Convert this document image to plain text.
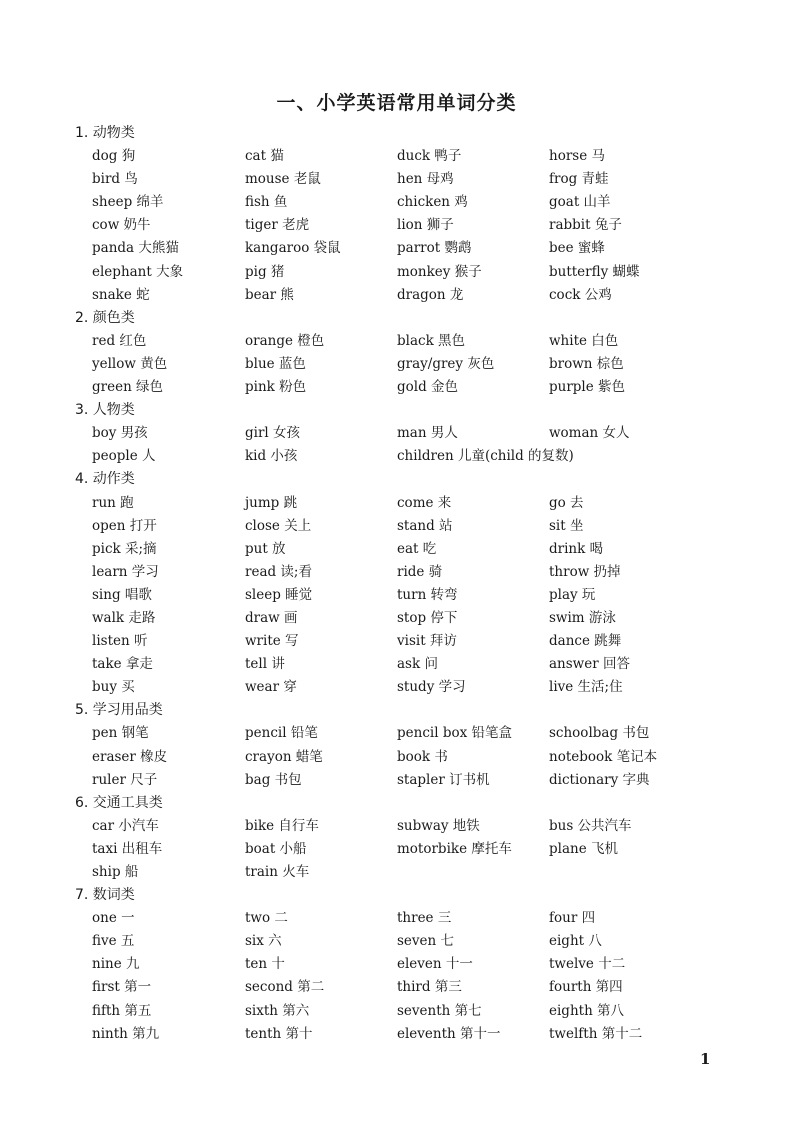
一、小学英语常用单词分类
1. 动物类
dog 狗	cat 猫	duck 鸭子	horse 马
bird 鸟	mouse 老鼠	hen 母鸡	frog 青蛙
sheep 绵羊	fish 鱼	chicken 鸡	goat 山羊
cow 奶牛	tiger 老虎	lion 狮子	rabbit 兔子
panda 大熊猫	kangaroo 袋鼠	parrot 鹦鹉	bee 蜜蜂
elephant 大象	pig 猪	monkey 猴子	butterfly 蝴蝶
snake 蛇	bear 熊	dragon 龙	cock 公鸡
2. 颜色类
red 红色	orange 橙色	black 黑色	white 白色
yellow 黄色	blue 蓝色	gray/grey 灰色	brown 棕色
green 绿色	pink 粉色	gold 金色	purple 紫色
3. 人物类
boy 男孩	girl 女孩	man 男人	woman 女人
people 人	kid 小孩	children 儿童(child 的复数)
4. 动作类
run 跑	jump 跳	come 来	go 去
open 打开	close 关上	stand 站	sit 坐
pick 采;摘	put 放	eat 吃	drink 喝
learn 学习	read 读;看	ride 骑	throw 扔掉
sing 唱歌	sleep 睡觉	turn 转弯	play 玩
walk 走路	draw 画	stop 停下	swim 游泳
listen 听	write 写	visit 拜访	dance 跳舞
take 拿走	tell 讲	ask 问	answer 回答
buy 买	wear 穿	study 学习	live 生活;住
5. 学习用品类
pen 钢笔	pencil 铅笔	pencil box 铅笔盒	schoolbag 书包
eraser 橡皮	crayon 蜡笔	book 书	notebook 笔记本
ruler 尺子	bag 书包	stapler 订书机	dictionary 字典
6. 交通工具类
car 小汽车	bike 自行车	subway 地铁	bus 公共汽车
taxi 出租车	boat 小船	motorbike 摩托车	plane 飞机
ship 船	train 火车
7. 数词类
one 一	two 二	three 三	four 四
five 五	six 六	seven 七	eight 八
nine 九	ten 十	eleven 十一	twelve 十二
first 第一	second 第二	third 第三	fourth 第四
fifth 第五	sixth 第六	seventh 第七	eighth 第八
ninth 第九	tenth 第十	eleventh 第十一	twelfth 第十二
1
